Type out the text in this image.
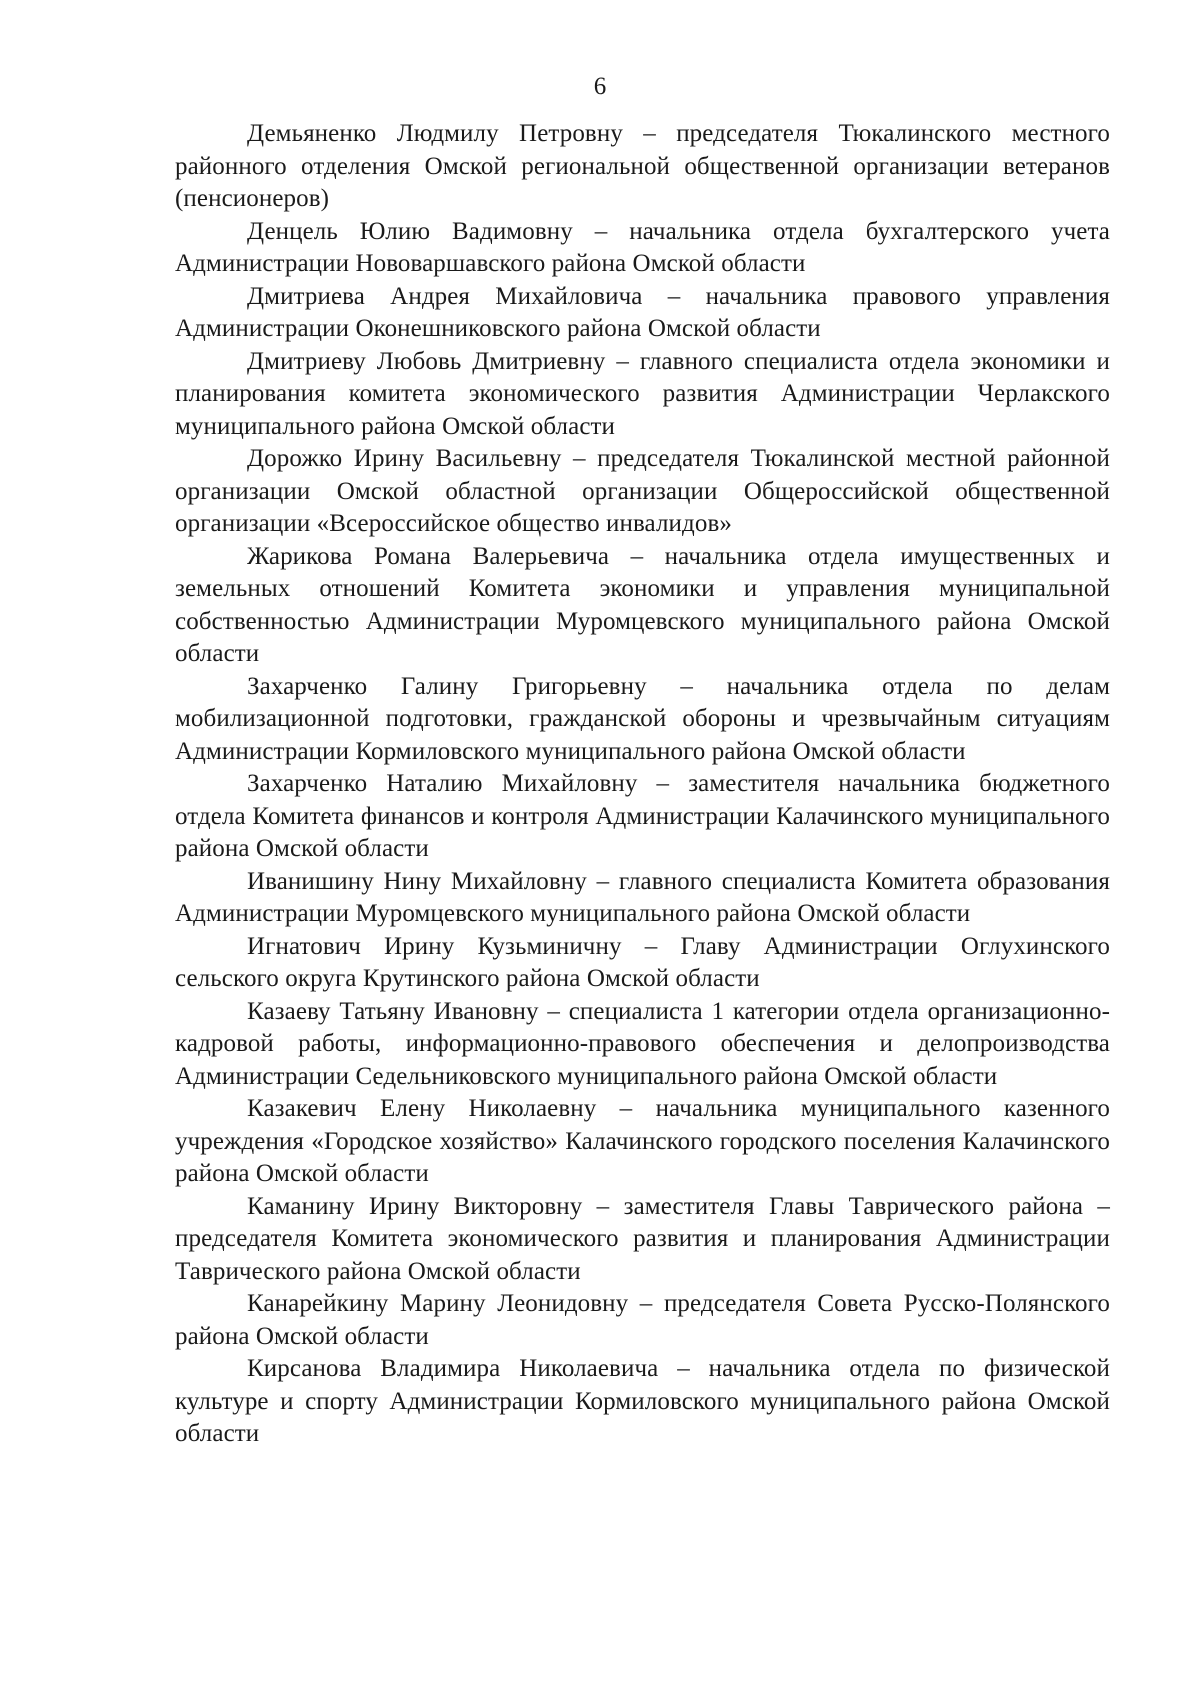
6

Демьяненко Людмилу Петровну – председателя Тюкалинского местного районного отделения Омской региональной общественной организации ветеранов (пенсионеров)

Денцель Юлию Вадимовну – начальника отдела бухгалтерского учета Администрации Нововаршавского района Омской области

Дмитриева Андрея Михайловича – начальника правового управления Администрации Оконешниковского района Омской области

Дмитриеву Любовь Дмитриевну – главного специалиста отдела экономики и планирования комитета экономического развития Администрации Черлакского муниципального района Омской области

Дорожко Ирину Васильевну – председателя Тюкалинской местной районной организации Омской областной организации Общероссийской общественной организации «Всероссийское общество инвалидов»

Жарикова Романа Валерьевича – начальника отдела имущественных и земельных отношений Комитета экономики и управления муниципальной собственностью Администрации Муромцевского муниципального района Омской области

Захарченко Галину Григорьевну – начальника отдела по делам мобилизационной подготовки, гражданской обороны и чрезвычайным ситуациям Администрации Кормиловского муниципального района Омской области

Захарченко Наталию Михайловну – заместителя начальника бюджетного отдела Комитета финансов и контроля Администрации Калачинского муниципального района Омской области

Иванишину Нину Михайловну – главного специалиста Комитета образования Администрации Муромцевского муниципального района Омской области

Игнатович Ирину Кузьминичну – Главу Администрации Оглухинского сельского округа Крутинского района Омской области

Казаеву Татьяну Ивановну – специалиста 1 категории отдела организационно-кадровой работы, информационно-правового обеспечения и делопроизводства Администрации Седельниковского муниципального района Омской области

Казакевич Елену Николаевну – начальника муниципального казенного учреждения «Городское хозяйство» Калачинского городского поселения Калачинского района Омской области

Каманину Ирину Викторовну – заместителя Главы Таврического района – председателя Комитета экономического развития и планирования Администрации Таврического района Омской области

Канарейкину Марину Леонидовну – председателя Совета Русско-Полянского района Омской области

Кирсанова Владимира Николаевича – начальника отдела по физической культуре и спорту Администрации Кормиловского муниципального района Омской области
